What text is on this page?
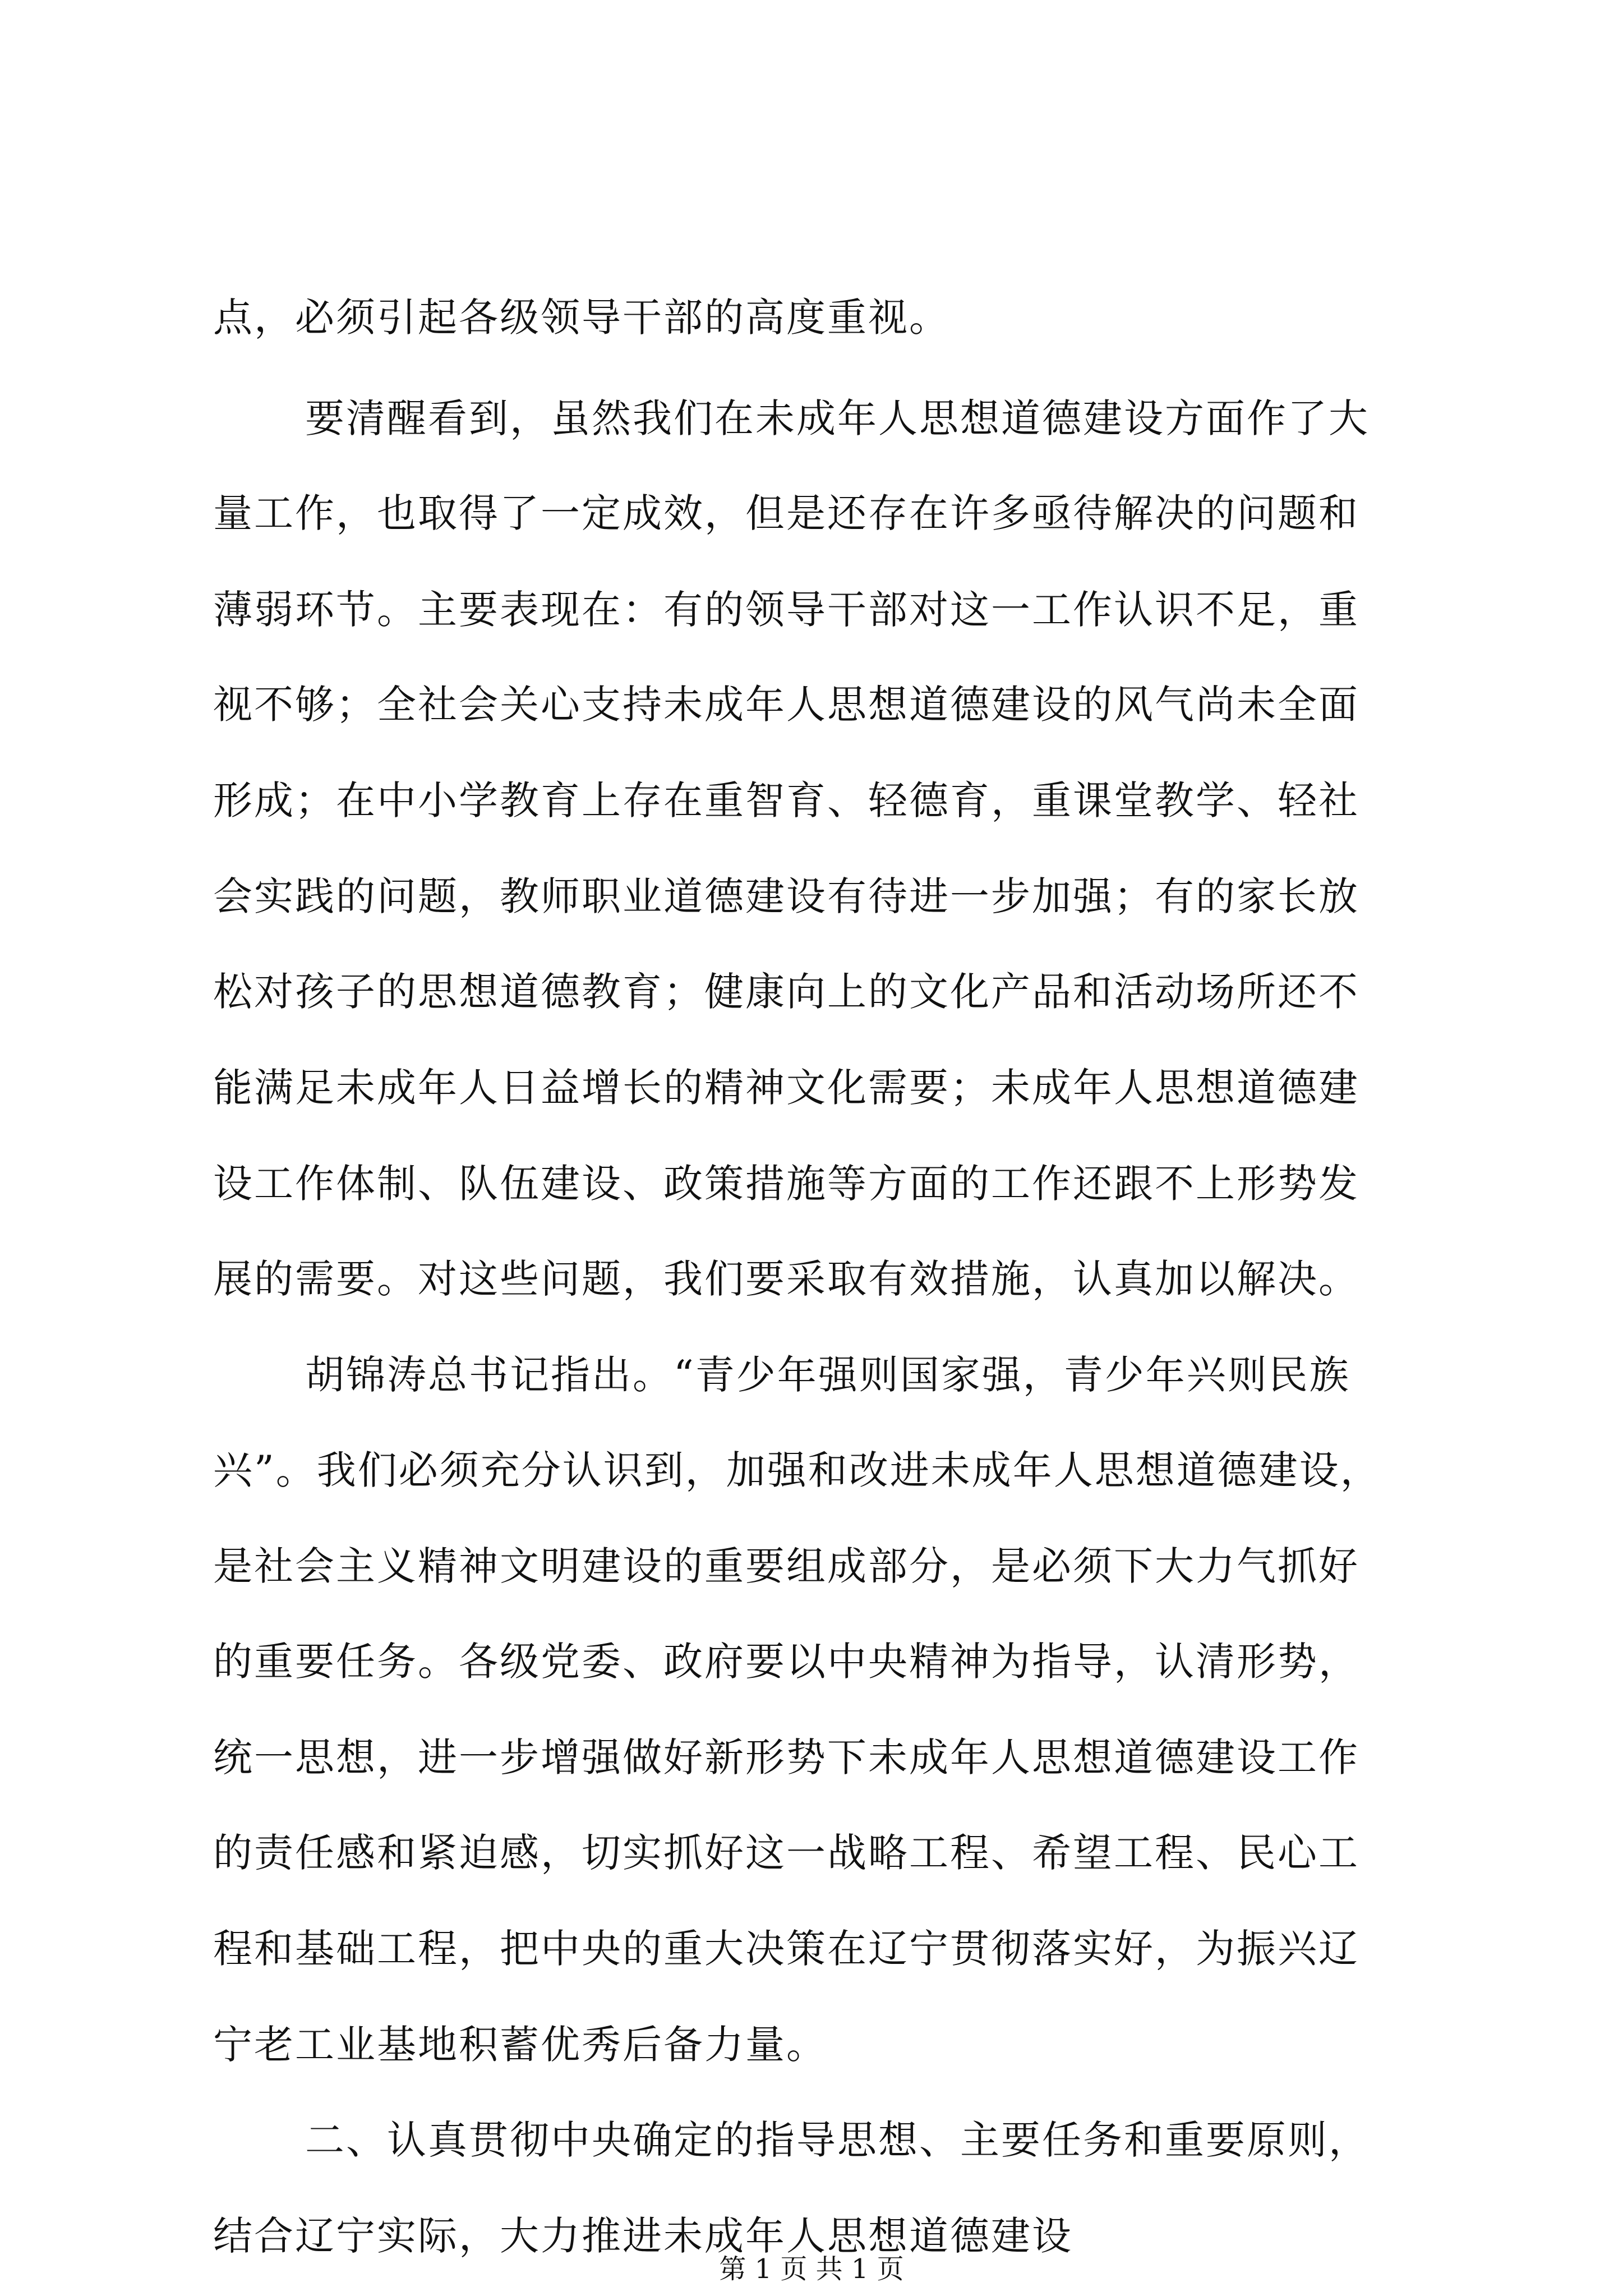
点，必须引起各级领导干部的高度重视。
要清醒看到，虽然我们在未成年人思想道德建设方面作了大
量工作，也取得了一定成效，但是还存在许多亟待解决的问题和
薄弱环节。主要表现在：有的领导干部对这一工作认识不足，重
视不够；全社会关心支持未成年人思想道德建设的风气尚未全面
形成；在中小学教育上存在重智育、轻德育，重课堂教学、轻社
会实践的问题，教师职业道德建设有待进一步加强；有的家长放
松对孩子的思想道德教育；健康向上的文化产品和活动场所还不
能满足未成年人日益增长的精神文化需要；未成年人思想道德建
设工作体制、队伍建设、政策措施等方面的工作还跟不上形势发
展的需要。对这些问题，我们要采取有效措施，认真加以解决。
胡锦涛总书记指出。“青少年强则国家强，青少年兴则民族
兴”。我们必须充分认识到，加强和改进未成年人思想道德建设，
是社会主义精神文明建设的重要组成部分，是必须下大力气抓好
的重要任务。各级党委、政府要以中央精神为指导，认清形势，
统一思想，进一步增强做好新形势下未成年人思想道德建设工作
的责任感和紧迫感，切实抓好这一战略工程、希望工程、民心工
程和基础工程，把中央的重大决策在辽宁贯彻落实好，为振兴辽
宁老工业基地积蓄优秀后备力量。
二、认真贯彻中央确定的指导思想、主要任务和重要原则，
结合辽宁实际，大力推进未成年人思想道德建设
第 1 页 共 1 页
